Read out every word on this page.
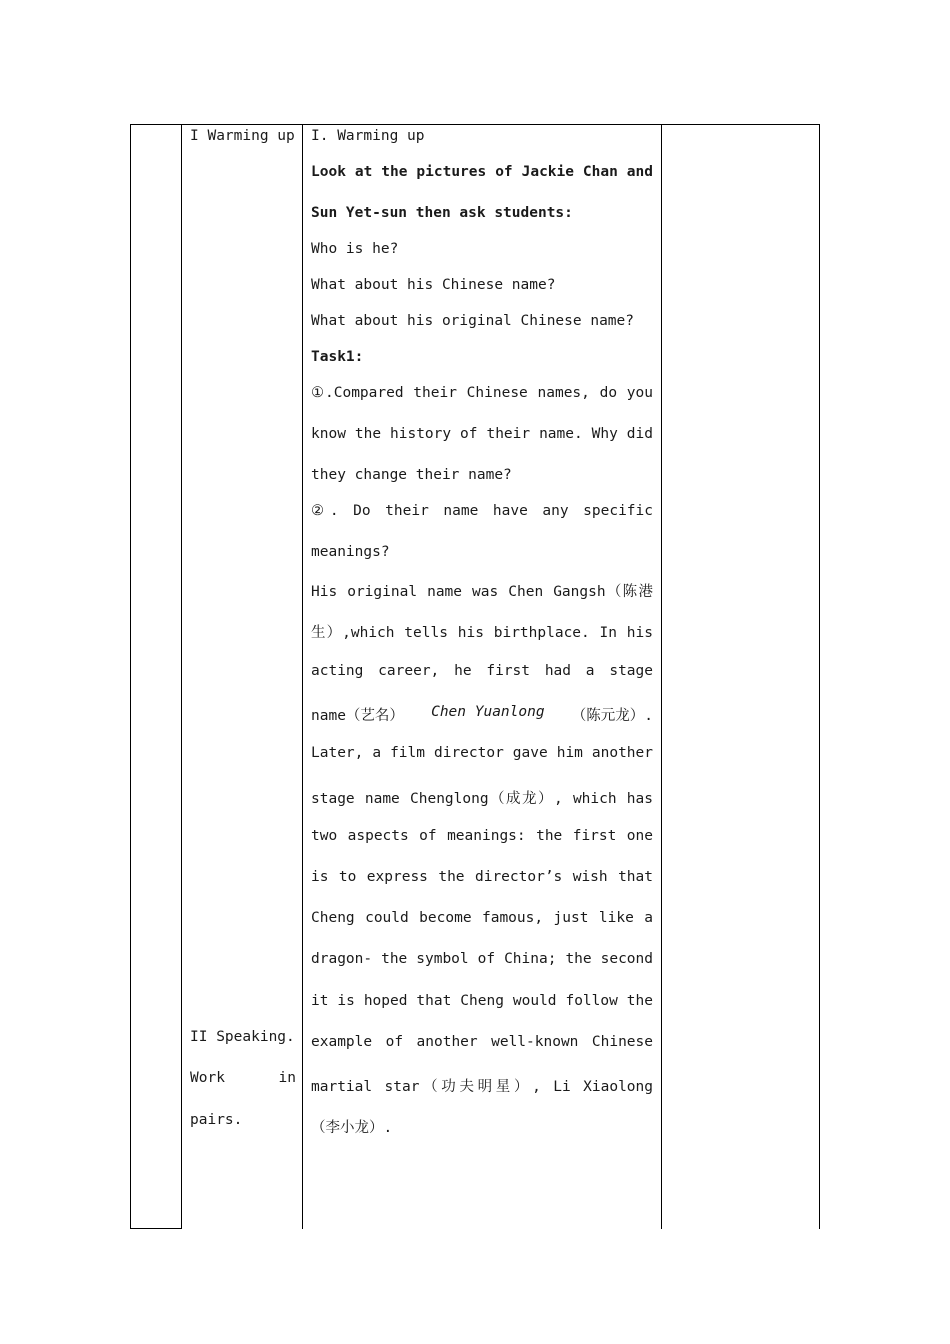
I Warming up
II Speaking.
Work in
pairs.
I. Warming up
Look at the pictures of Jackie Chan and
Sun Yet-sun then ask students:
Who is he?
What about his Chinese name?
What about his original Chinese name?
Task1:
①.Compared their Chinese names, do you
know the history of their name. Why did
they change their name?
②. Do their name have any specific
meanings?
His original name was Chen Gangsh（陈港
生）,which tells his birthplace. In his
acting career, he first had a stage
name（艺名） Chen Yuanlong （陈元龙）.
Later, a film director gave him another
stage name Chenglong（成龙）, which has
two aspects of meanings: the first one
is to express the director’s wish that
Cheng could become famous, just like a
dragon- the symbol of China; the second
it is hoped that Cheng would follow the
example of another well-known Chinese
martial star（功夫明星）, Li Xiaolong
（李小龙）.
